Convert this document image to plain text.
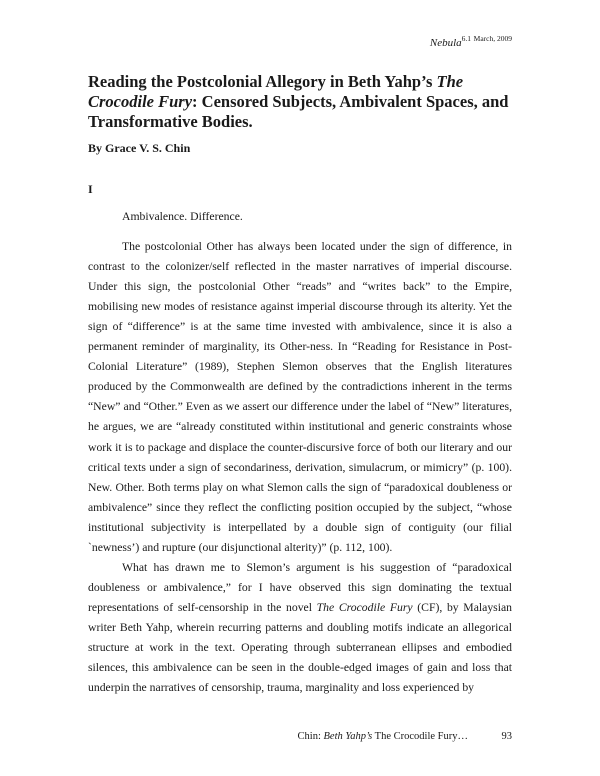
Nebula$^{6.1}$ $^{March, 2009}$
Reading the Postcolonial Allegory in Beth Yahp’s The Crocodile Fury: Censored Subjects, Ambivalent Spaces, and Transformative Bodies.
By Grace V. S. Chin
I

Ambivalence. Difference.

The postcolonial Other has always been located under the sign of difference, in contrast to the colonizer/self reflected in the master narratives of imperial discourse. Under this sign, the postcolonial Other “reads” and “writes back” to the Empire, mobilising new modes of resistance against imperial discourse through its alterity. Yet the sign of “difference” is at the same time invested with ambivalence, since it is also a permanent reminder of marginality, its Other-ness. In “Reading for Resistance in Post-Colonial Literature” (1989), Stephen Slemon observes that the English literatures produced by the Commonwealth are defined by the contradictions inherent in the terms “New” and “Other.” Even as we assert our difference under the label of “New” literatures, he argues, we are “already constituted within institutional and generic constraints whose work it is to package and displace the counter-discursive force of both our literary and our critical texts under a sign of secondariness, derivation, simulacrum, or mimicry” (p. 100). New. Other. Both terms play on what Slemon calls the sign of “paradoxical doubleness or ambivalence” since they reflect the conflicting position occupied by the subject, “whose institutional subjectivity is interpellated by a double sign of contiguity (our filial `newness’) and rupture (our disjunctional alterity)” (p. 112, 100).

What has drawn me to Slemon’s argument is his suggestion of “paradoxical doubleness or ambivalence,” for I have observed this sign dominating the textual representations of self-censorship in the novel The Crocodile Fury (CF), by Malaysian writer Beth Yahp, wherein recurring patterns and doubling motifs indicate an allegorical structure at work in the text. Operating through subterranean ellipses and embodied silences, this ambivalence can be seen in the double-edged images of gain and loss that underpin the narratives of censorship, trauma, marginality and loss experienced by

Chin: Beth Yahp’s The Crocodile Fury…	93
